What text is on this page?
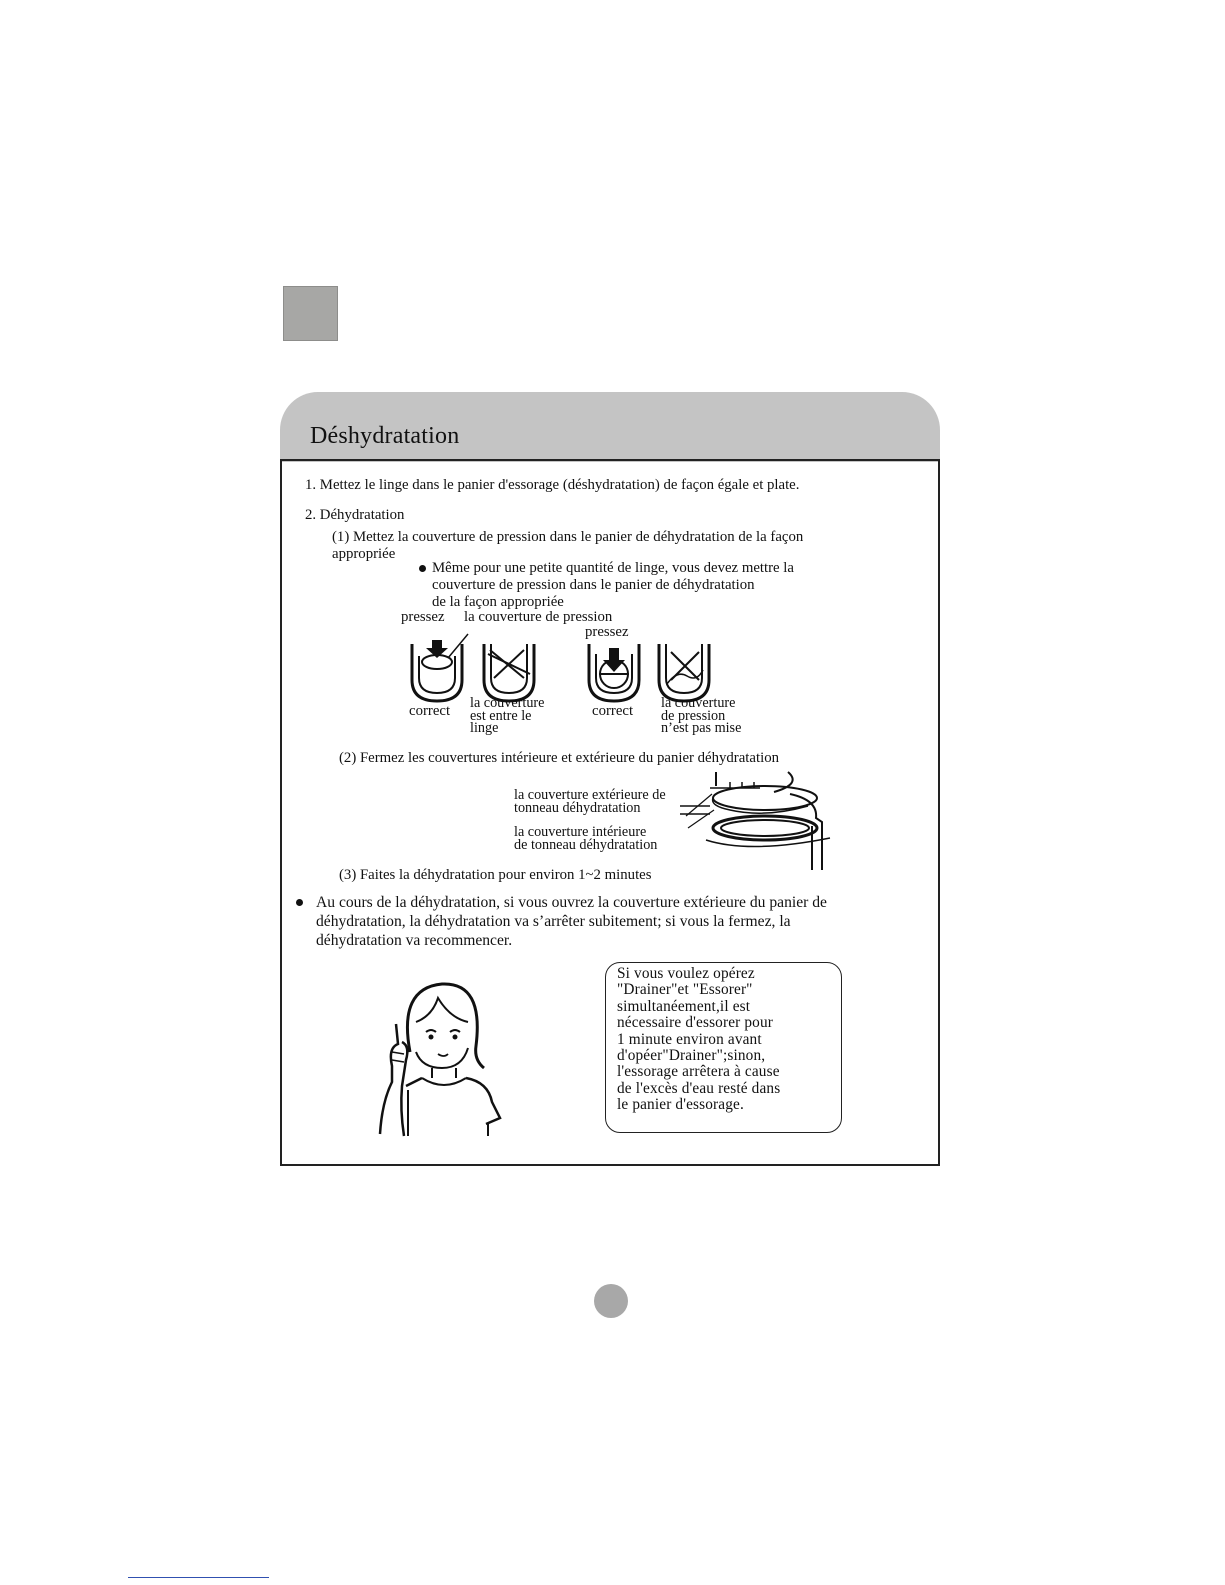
Déshydratation
1. Mettez le linge dans le panier d'essorage (déshydratation) de façon égale et plate.
2. Déhydratation
(1) Mettez la couverture de pression dans le panier de déhydratation de la façon
appropriée
Même pour une petite quantité de linge, vous devez mettre la
couverture de pression dans le panier de déhydratation
de la façon appropriée
pressez la couverture de pression
pressez
correct la couverture
est entre le
linge
correct la couverture
de pression
n’est pas mise
(2) Fermez les couvertures intérieure et extérieure du panier déhydratation
la couverture extérieure de
tonneau déhydratation
la couverture intérieure
de tonneau déhydratation
(3) Faites la déhydratation pour environ 1~2 minutes
Au cours de la déhydratation, si vous ouvrez la couverture extérieure du panier de
déhydratation, la déhydratation va s’arrêter subitement; si vous la fermez, la
déhydratation va recommencer.
Si vous voulez opérez
"Drainer"et "Essorer"
simultanéement,il est
nécessaire d'essorer pour
1 minute environ avant
d'opéer"Drainer";sinon,
l'essorage arrêtera à cause
de l'excès d'eau resté dans
le panier d'essorage.
